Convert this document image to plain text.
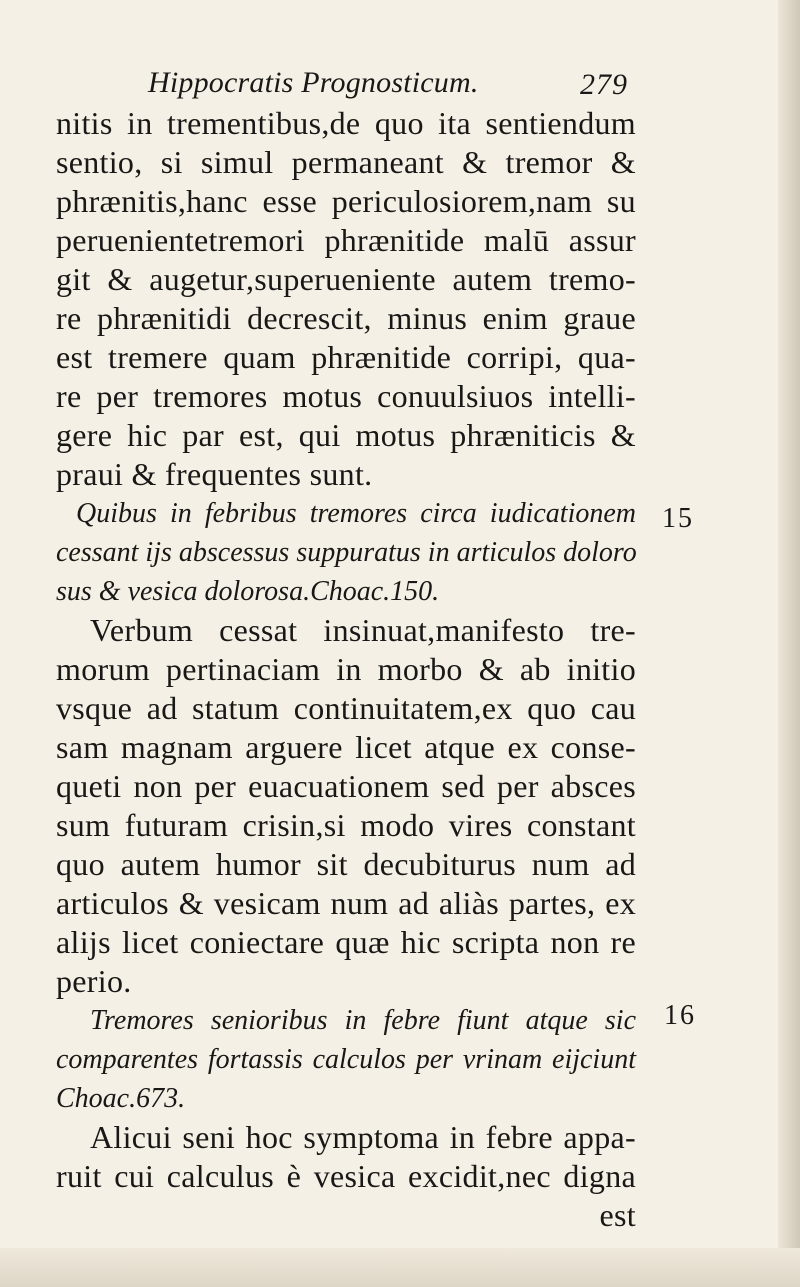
Hippocratis Prognosticum.	279
nitis in trementibus,de quo ita sentiendum
sentio, si simul permaneant & tremor &
phrænitis,hanc esse periculosiorem,nam su
peruenientetremori phrænitide malū assur
git & augetur,superueniente autem tremo-
re phrænitidi decrescit, minus enim graue
est tremere quam phrænitide corripi, qua-
re per tremores motus conuulsiuos intelli-
gere hic par est, qui motus phræniticis &
praui & frequentes sunt.
Quibus in febribus tremores circa iudicationem
cessant ijs abscessus suppuratus in articulos doloro
sus & vesica dolorosa.Choac.150.
Verbum cessat insinuat,manifesto tre-
morum pertinaciam in morbo & ab initio
vsque ad statum continuitatem,ex quo cau
sam magnam arguere licet atque ex conse-
queti non per euacuationem sed per absces
sum futuram crisin,si modo vires constant
quo autem humor sit decubiturus num ad
articulos & vesicam num ad aliàs partes, ex
alijs licet coniectare quæ hic scripta non re
perio.
Tremores senioribus in febre fiunt atque sic
comparentes fortassis calculos per vrinam eijciunt
Choac.673.
Alicui seni hoc symptoma in febre appa-
ruit cui calculus è vesica excidit,nec digna
est
15
16
